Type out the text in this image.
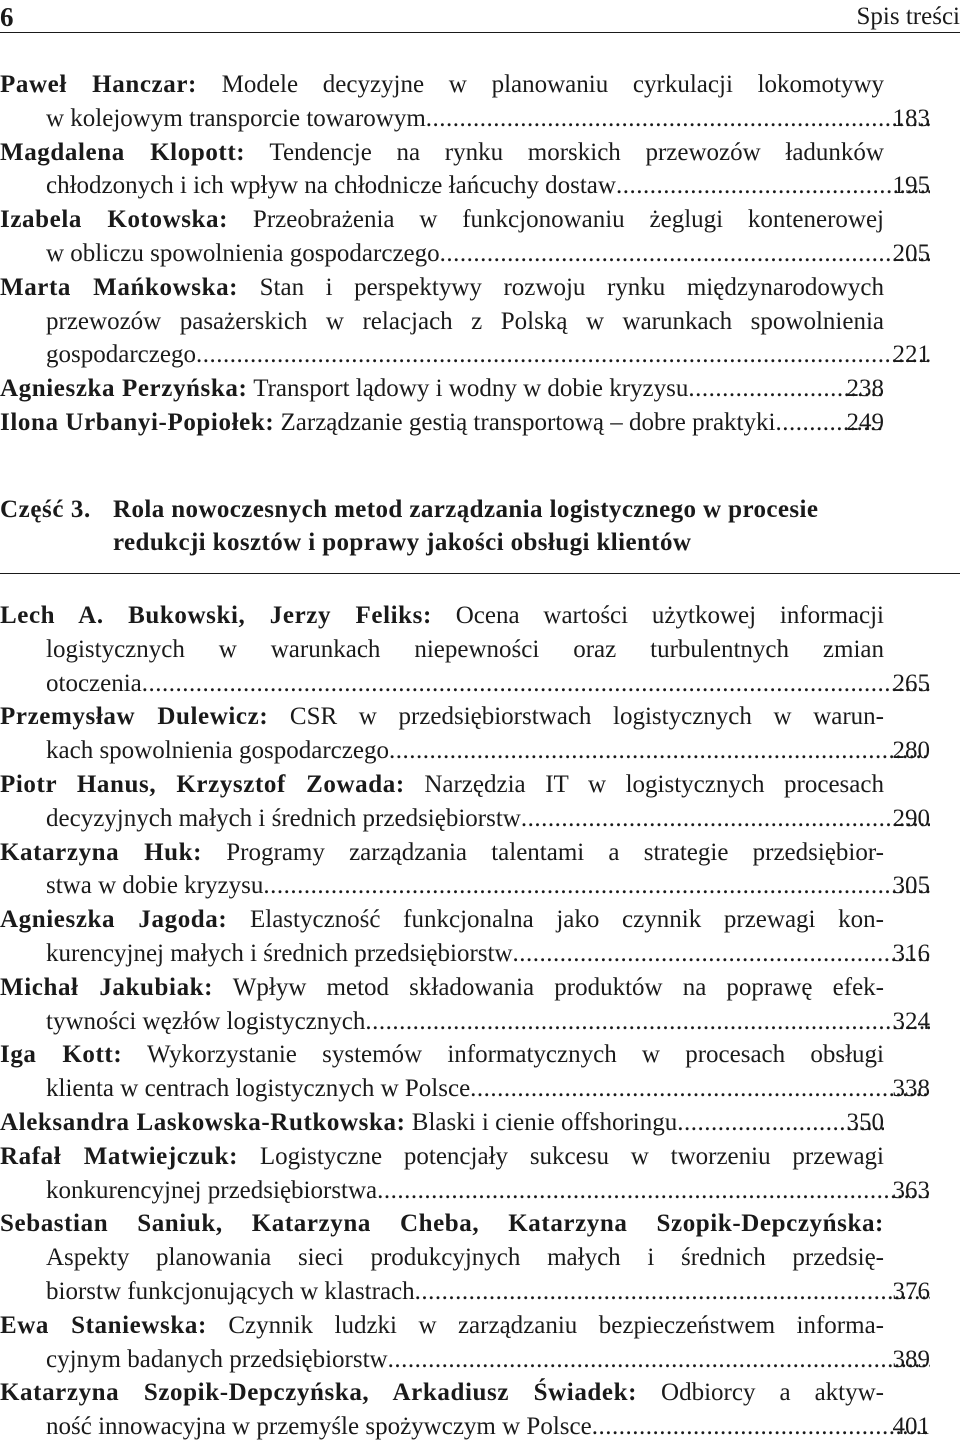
6	Spis treści
Paweł Hanczar: Modele decyzyjne w planowaniu cyrkulacji lokomotywy
w kolejowym transporcie towarowym .....	183
Magdalena Klopott: Tendencje na rynku morskich przewozów ładunków
chłodzonych i ich wpływ na chłodnicze łańcuchy dostaw .....	195
Izabela Kotowska: Przeobrażenia w funkcjonowaniu żeglugi kontenerowej
w obliczu spowolnienia gospodarczego .....	205
Marta Mańkowska: Stan i perspektywy rozwoju rynku międzynarodowych
przewozów pasażerskich w relacjach z Polską w warunkach spowolnienia
gospodarczego .....	221
Agnieszka Perzyńska: Transport lądowy i wodny w dobie kryzysu .....	238
Ilona Urbanyi-Popiołek: Zarządzanie gestią transportową – dobre praktyki .....	249
Część 3. Rola nowoczesnych metod zarządzania logistycznego w procesie
redukcji kosztów i poprawy jakości obsługi klientów
Lech A. Bukowski, Jerzy Feliks: Ocena wartości użytkowej informacji
logistycznych w warunkach niepewności oraz turbulentnych zmian
otoczenia .....	265
Przemysław Dulewicz: CSR w przedsiębiorstwach logistycznych w warun-
kach spowolnienia gospodarczego .....	280
Piotr Hanus, Krzysztof Zowada: Narzędzia IT w logistycznych procesach
decyzyjnych małych i średnich przedsiębiorstw .....	290
Katarzyna Huk: Programy zarządzania talentami a strategie przedsiębior-
stwa w dobie kryzysu .....	305
Agnieszka Jagoda: Elastyczność funkcjonalna jako czynnik przewagi kon-
kurencyjnej małych i średnich przedsiębiorstw .....	316
Michał Jakubiak: Wpływ metod składowania produktów na poprawę efek-
tywności węzłów logistycznych .....	324
Iga Kott: Wykorzystanie systemów informatycznych w procesach obsługi
klienta w centrach logistycznych w Polsce .....	338
Aleksandra Laskowska-Rutkowska: Blaski i cienie offshoringu .....	350
Rafał Matwiejczuk: Logistyczne potencjały sukcesu w tworzeniu przewagi
konkurencyjnej przedsiębiorstwa .....	363
Sebastian Saniuk, Katarzyna Cheba, Katarzyna Szopik-Depczyńska:
Aspekty planowania sieci produkcyjnych małych i średnich przedsię-
biorstw funkcjonujących w klastrach .....	376
Ewa Staniewska: Czynnik ludzki w zarządzaniu bezpieczeństwem informa-
cyjnym badanych przedsiębiorstw .....	389
Katarzyna Szopik-Depczyńska, Arkadiusz Świadek: Odbiorcy a aktyw-
ność innowacyjna w przemyśle spożywczym w Polsce .....	401
